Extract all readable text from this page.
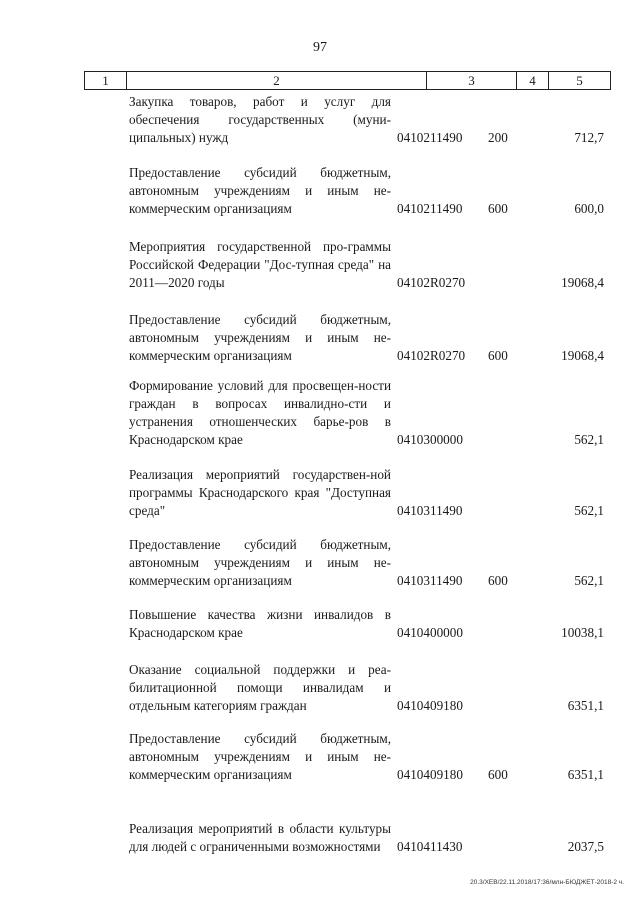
97
1	2	3	4	5
Закупка товаров, работ и услуг для обеспечения государственных (муни-ципальных) нужд	0410211490 200	712,7
Предоставление субсидий бюджетным, автономным учреждениям и иным не-коммерческим организациям	0410211490 600	600,0
Мероприятия государственной про-граммы Российской Федерации "Дос-тупная среда" на 2011—2020 годы	04102R0270	19068,4
Предоставление субсидий бюджетным, автономным учреждениям и иным не-коммерческим организациям	04102R0270 600	19068,4
Формирование условий для просвещен-ности граждан в вопросах инвалидно-сти и устранения отношенческих барье-ров в Краснодарском крае	0410300000	562,1
Реализация мероприятий государствен-ной программы Краснодарского края "Доступная среда"	0410311490	562,1
Предоставление субсидий бюджетным, автономным учреждениям и иным не-коммерческим организациям	0410311490 600	562,1
Повышение качества жизни инвалидов в Краснодарском крае	0410400000	10038,1
Оказание социальной поддержки и реа-билитационной помощи инвалидам и отдельным категориям граждан	0410409180	6351,1
Предоставление субсидий бюджетным, автономным учреждениям и иным не-коммерческим организациям	0410409180 600	6351,1
Реализация мероприятий в области культуры для людей с ограниченными возможностями	0410411430	2037,5
20.3/XЕВ/22.11.2018/17:36/млн-БЮДЖЕТ-2018-2 ч.
